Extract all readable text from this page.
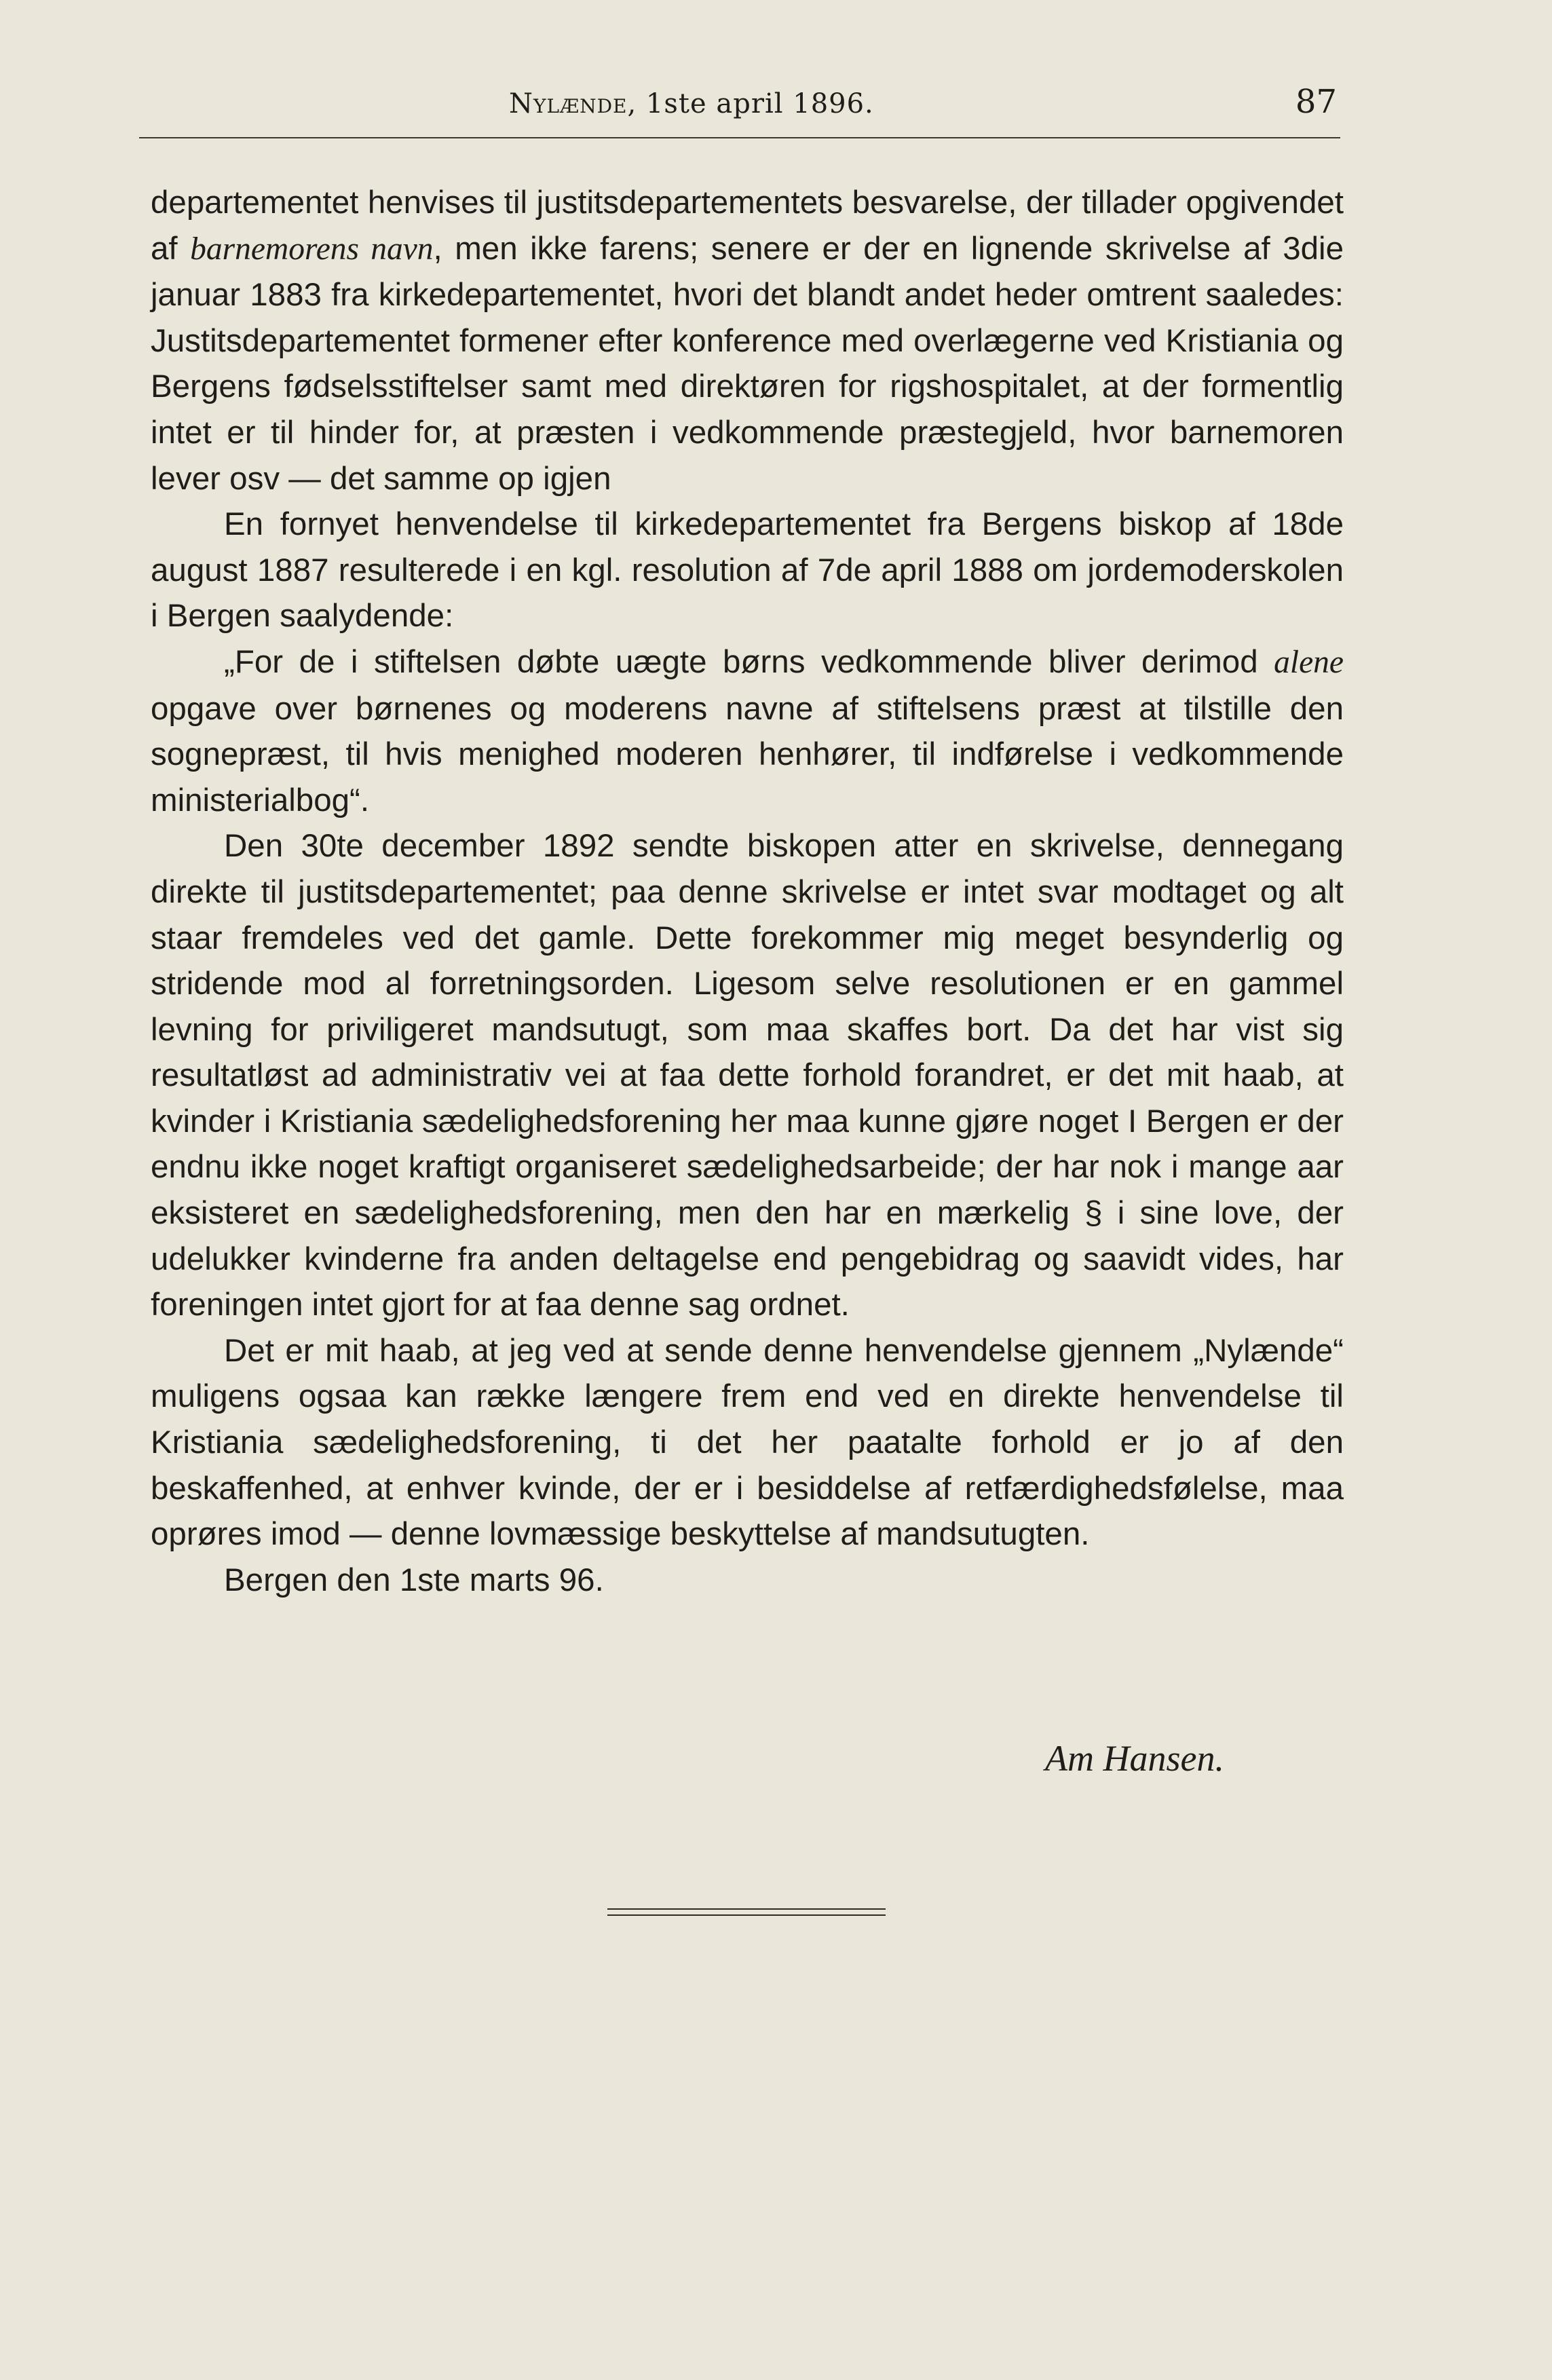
Nylænde, 1ste april 1896.	87

departementet henvises til justitsdepartementets besvarelse, der tillader opgivendet af barnemorens navn, men ikke farens; senere er der en lignende skrivelse af 3die januar 1883 fra kirkedepartementet, hvori det blandt andet heder omtrent saaledes: Justitsdepartementet formener efter konference med overlægerne ved Kristiania og Bergens fødselsstiftelser samt med direktøren for rigshospitalet, at der formentlig intet er til hinder for, at præsten i vedkommende præstegjeld, hvor barnemoren lever osv — det samme op igjen

En fornyet henvendelse til kirkedepartementet fra Bergens biskop af 18de august 1887 resulterede i en kgl. resolution af 7de april 1888 om jordemoderskolen i Bergen saalydende:

„For de i stiftelsen døbte uægte børns vedkommende bliver derimod alene opgave over børnenes og moderens navne af stiftelsens præst at tilstille den sognepræst, til hvis menighed moderen henhører, til indførelse i vedkommende ministerialbog“.

Den 30te december 1892 sendte biskopen atter en skrivelse, dennegang direkte til justitsdepartementet; paa denne skrivelse er intet svar modtaget og alt staar fremdeles ved det gamle. Dette forekommer mig meget besynderlig og stridende mod al forretningsorden. Ligesom selve resolutionen er en gammel levning for priviligeret mandsutugt, som maa skaffes bort. Da det har vist sig resultatløst ad administrativ vei at faa dette forhold forandret, er det mit haab, at kvinder i Kristiania sædelighedsforening her maa kunne gjøre noget I Bergen er der endnu ikke noget kraftigt organiseret sædelighedsarbeide; der har nok i mange aar eksisteret en sædelighedsforening, men den har en mærkelig § i sine love, der udelukker kvinderne fra anden deltagelse end pengebidrag og saavidt vides, har foreningen intet gjort for at faa denne sag ordnet.

Det er mit haab, at jeg ved at sende denne henvendelse gjennem „Nylænde“ muligens ogsaa kan række længere frem end ved en direkte henvendelse til Kristiania sædelighedsforening, ti det her paatalte forhold er jo af den beskaffenhed, at enhver kvinde, der er i besiddelse af retfærdighedsfølelse, maa oprøres imod — denne lovmæssige beskyttelse af mandsutugten.

Bergen den 1ste marts 96.

Am Hansen.
